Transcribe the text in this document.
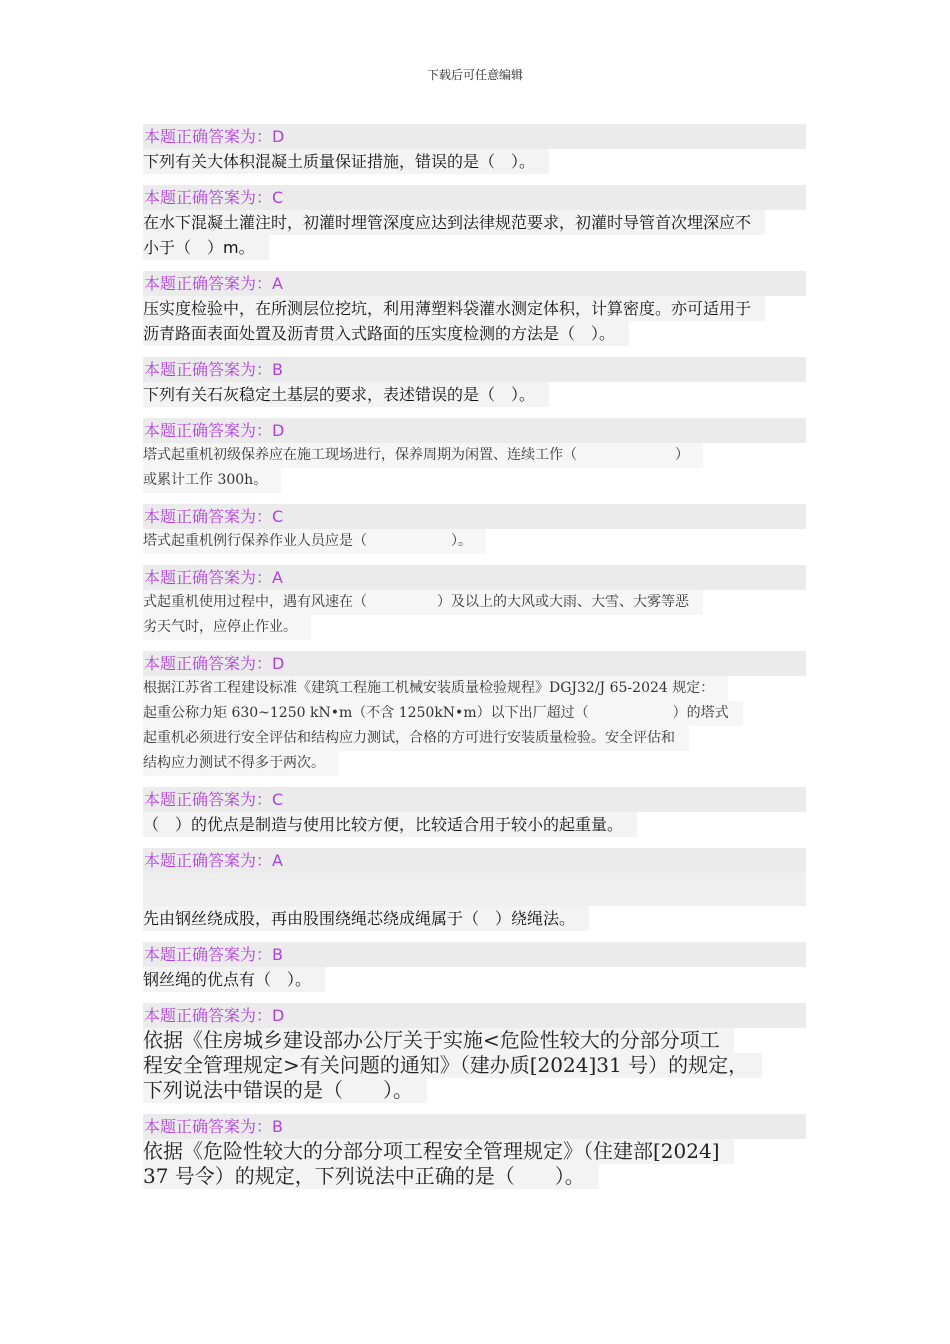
下载后可任意编辑
本题正确答案为：D
下列有关大体积混凝土质量保证措施，错误的是（　）。
本题正确答案为：C
在水下混凝土灌注时，初灌时埋管深度应达到法律规范要求，初灌时导管首次埋深应不
小于（　）m。
本题正确答案为：A
压实度检验中，在所测层位挖坑，利用薄塑料袋灌水测定体积，计算密度。亦可适用于
沥青路面表面处置及沥青贯入式路面的压实度检测的方法是（　）。
本题正确答案为：B
下列有关石灰稳定土基层的要求，表述错误的是（　）。
本题正确答案为：D
塔式起重机初级保养应在施工现场进行，保养周期为闲置、连续工作（　　　　　　　）
或累计工作 300h。
本题正确答案为：C
塔式起重机例行保养作业人员应是（　　　　　　）。
本题正确答案为：A
式起重机使用过程中，遇有风速在（　　　　　）及以上的大风或大雨、大雪、大雾等恶
劣天气时，应停止作业。
本题正确答案为：D
根据江苏省工程建设标准《建筑工程施工机械安装质量检验规程》DGJ32/J 65-2024 规定：
起重公称力矩 630~1250 kN•m（不含 1250kN•m）以下出厂超过（　　　　　　）的塔式
起重机必须进行安全评估和结构应力测试，合格的方可进行安装质量检验。安全评估和
结构应力测试不得多于两次。
本题正确答案为：C
（　）的优点是制造与使用比较方便，比较适合用于较小的起重量。
本题正确答案为：A
先由钢丝绕成股，再由股围绕绳芯绕成绳属于（　）绕绳法。
本题正确答案为：B
钢丝绳的优点有（　）。
本题正确答案为：D
依据《住房城乡建设部办公厅关于实施<危险性较大的分部分项工
程安全管理规定>有关问题的通知》（建办质[2024]31 号）的规定，
下列说法中错误的是（　　）。
本题正确答案为：B
依据《危险性较大的分部分项工程安全管理规定》（住建部[2024]
37 号令）的规定，下列说法中正确的是（　　）。
